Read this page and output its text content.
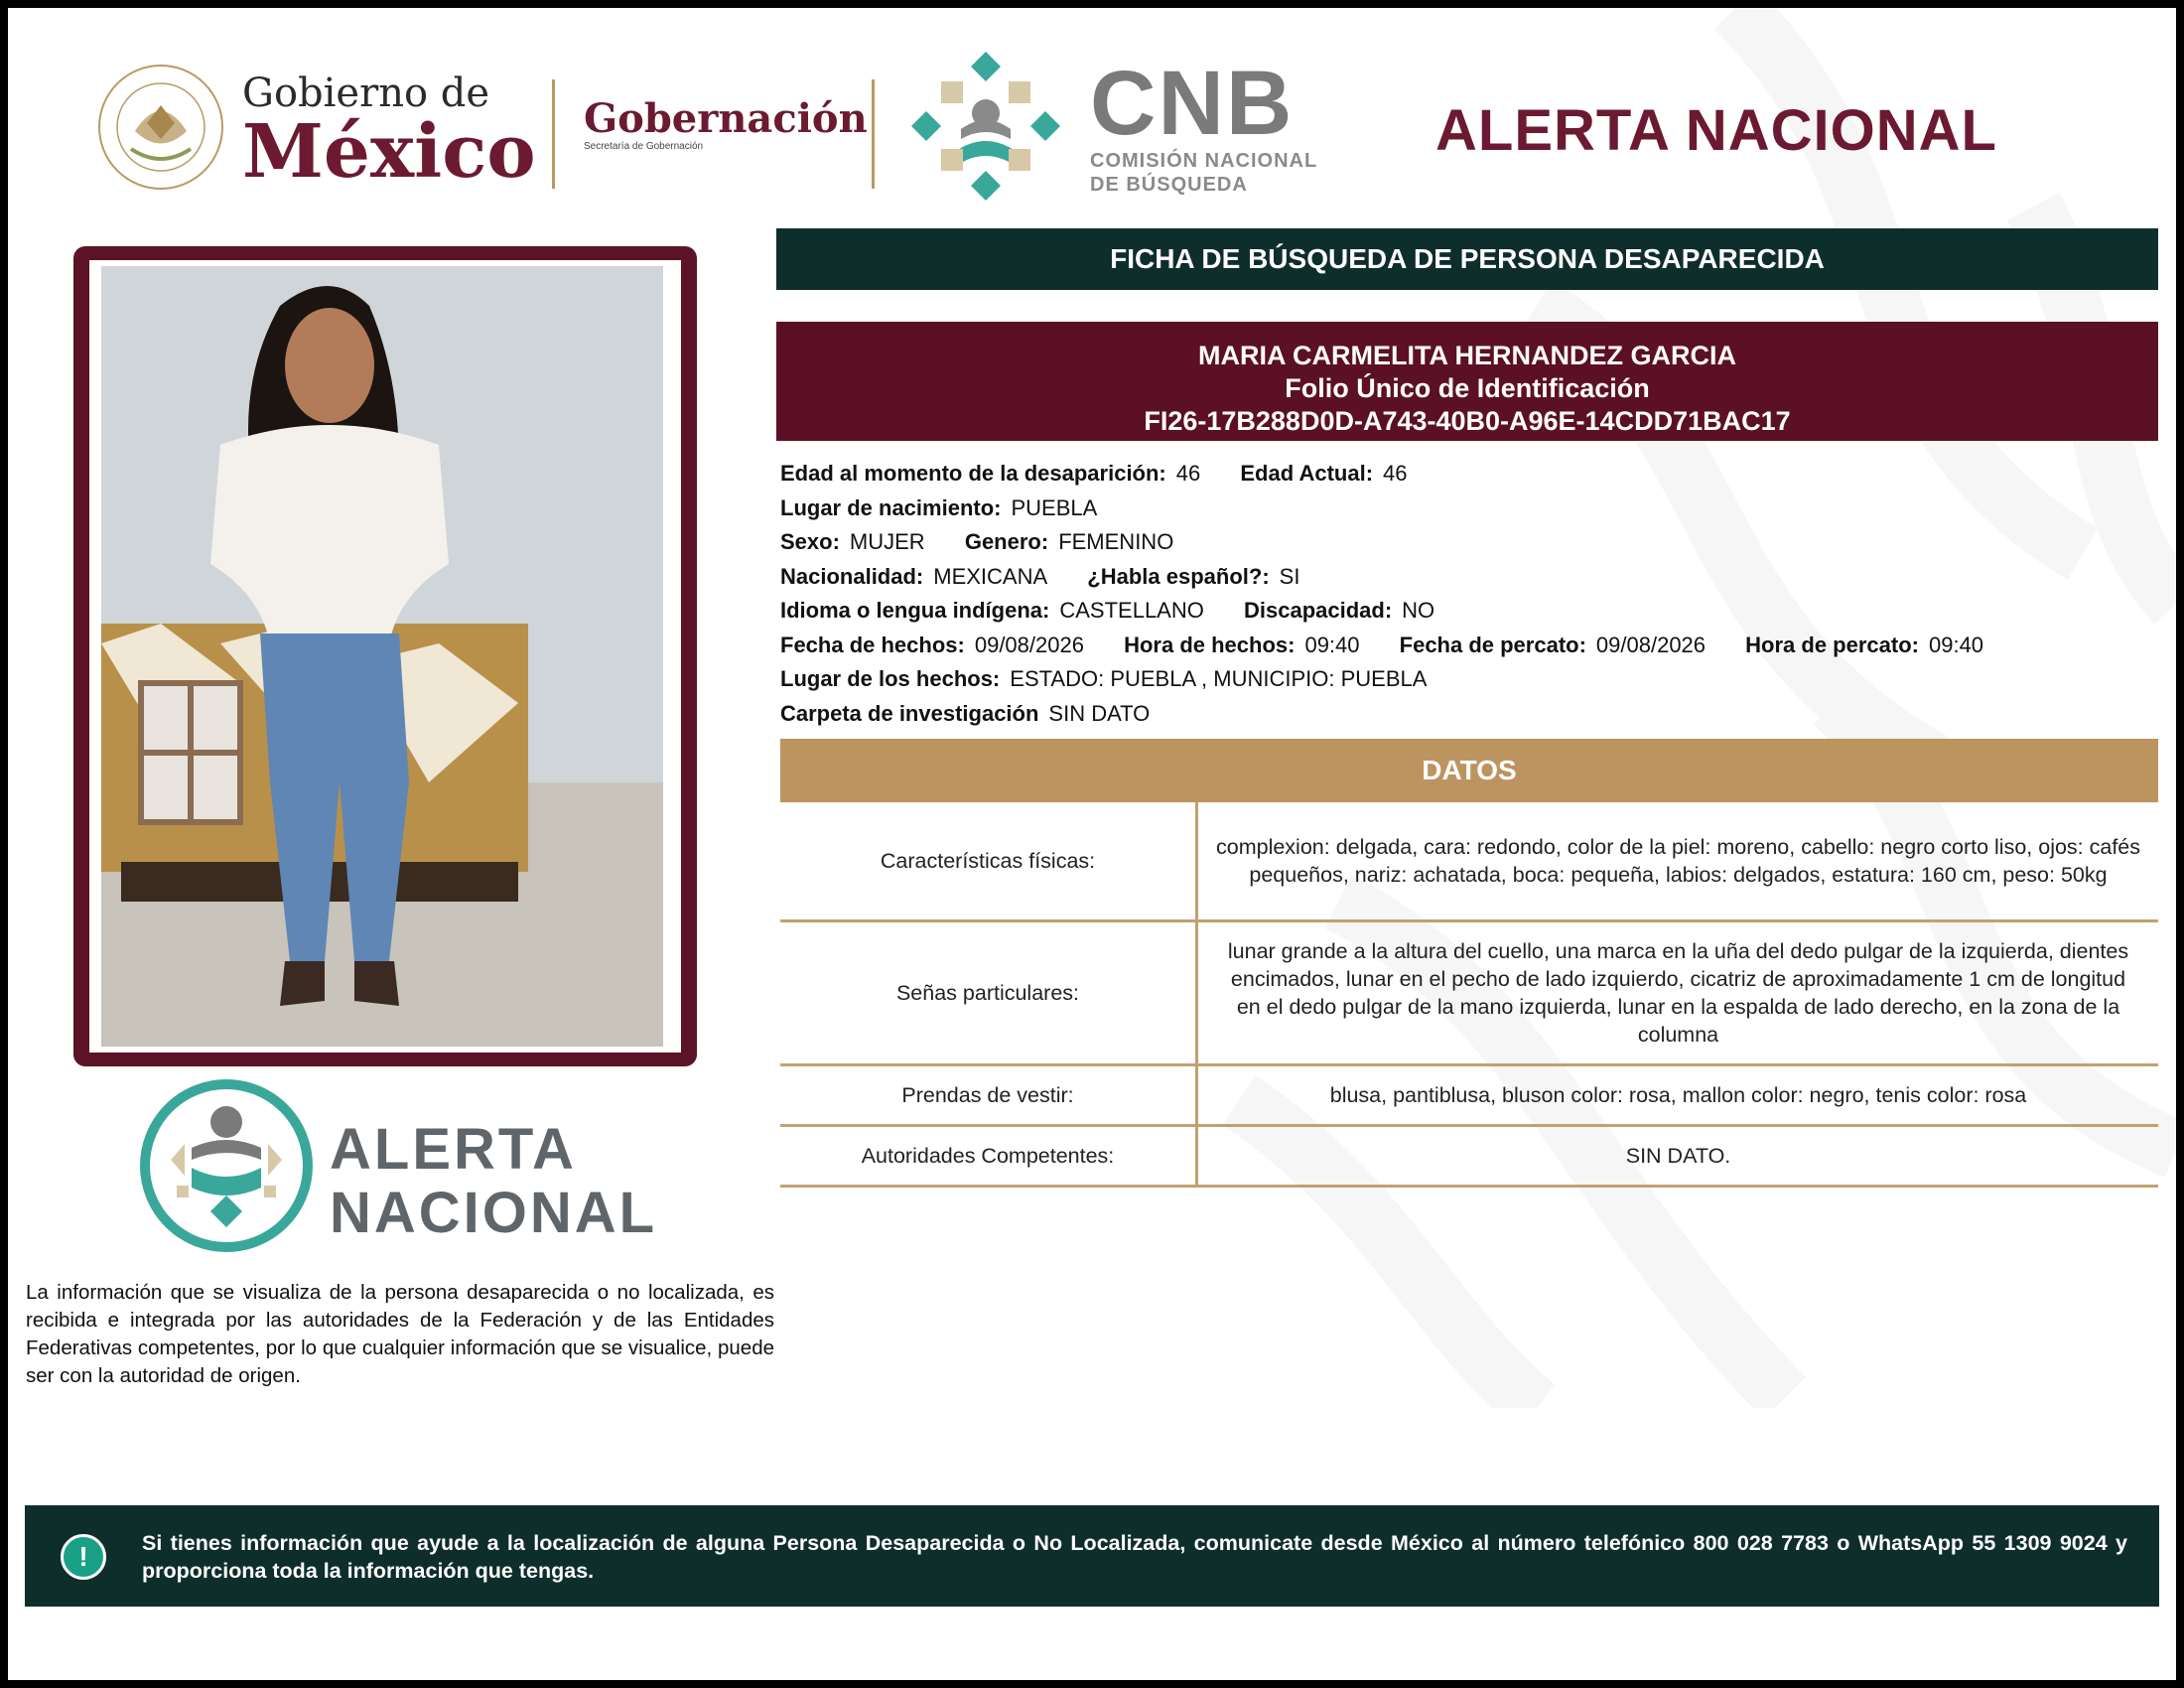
Gobierno de
México Gobernación
Secretaría de Gobernación	CNB
COMISIÓN NACIONAL
DE BÚSQUEDA
ALERTA NACIONAL
ALERTA
NACIONAL
La información que se visualiza de la persona desaparecida o no localizada, es recibida e integrada por las autoridades de la Federación y de las Entidades Federativas competentes, por lo que cualquier información que se visualice, puede ser con la autoridad de origen.
FICHA DE BÚSQUEDA DE PERSONA DESAPARECIDA
MARIA CARMELITA HERNANDEZ GARCIA
Folio Único de Identificación
FI26-17B288D0D-A743-40B0-A96E-14CDD71BAC17
Edad al momento de la desaparición: 46 Edad Actual: 46
Lugar de nacimiento: PUEBLA
Sexo: MUJER Genero: FEMENINO
Nacionalidad: MEXICANA ¿Habla español?: SI
Idioma o lengua indígena: CASTELLANO Discapacidad: NO
Fecha de hechos: 09/08/2026 Hora de hechos: 09:40 Fecha de percato: 09/08/2026 Hora de percato: 09:40
Lugar de los hechos: ESTADO: PUEBLA , MUNICIPIO: PUEBLA
Carpeta de investigación SIN DATO
DATOS
Características físicas:	complexion: delgada, cara: redondo, color de la piel: moreno, cabello: negro corto liso, ojos: cafés pequeños, nariz: achatada, boca: pequeña, labios: delgados, estatura: 160 cm, peso: 50kg
Señas particulares:	lunar grande a la altura del cuello, una marca en la uña del dedo pulgar de la izquierda, dientes encimados, lunar en el pecho de lado izquierdo, cicatriz de aproximadamente 1 cm de longitud en el dedo pulgar de la mano izquierda, lunar en la espalda de lado derecho, en la zona de la columna
Prendas de vestir:	blusa, pantiblusa, bluson color: rosa, mallon color: negro, tenis color: rosa
Autoridades Competentes:	SIN DATO.
!	Si tienes información que ayude a la localización de alguna Persona Desaparecida o No Localizada, comunicate desde México al número telefónico 800 028 7783 o WhatsApp 55 1309 9024 y proporciona toda la información que tengas.
